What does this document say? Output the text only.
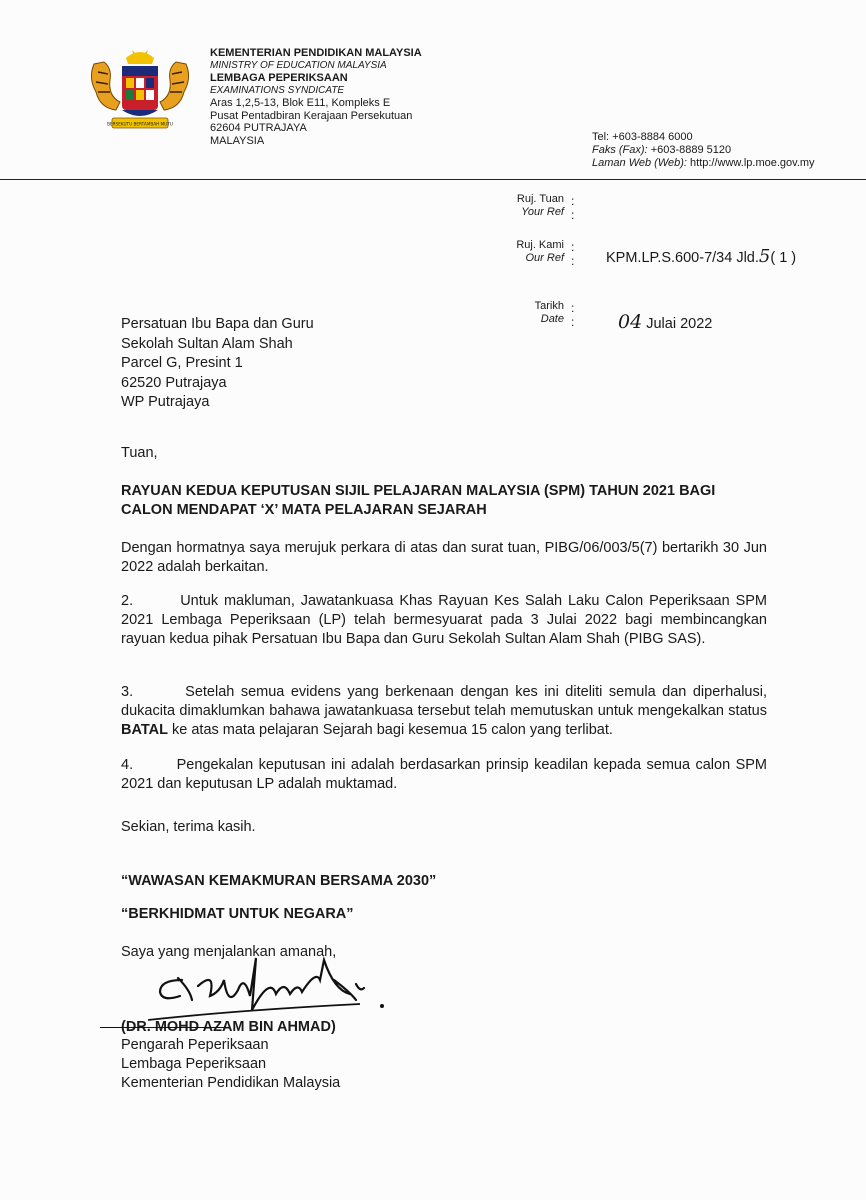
BERSEKUTU BERTAMBAH MUTU
KEMENTERIAN PENDIDIKAN MALAYSIA
MINISTRY OF EDUCATION MALAYSIA
LEMBAGA PEPERIKSAAN
EXAMINATIONS SYNDICATE
Aras 1,2,5-13, Blok E11, Kompleks E
Pusat Pentadbiran Kerajaan Persekutuan
62604 PUTRAJAYA
MALAYSIA	Tel: +603-8884 6000
Faks (Fax): +603-8889 5120
Laman Web (Web): http://www.lp.moe.gov.my
Ruj. Tuan
Your Ref
:
:
Ruj. Kami
Our Ref
:
: KPM.LP.S.600-7/34 Jld.5( 1 )
Tarikh
Date
:
: 04 Julai 2022
Persatuan Ibu Bapa dan Guru
Sekolah Sultan Alam Shah
Parcel G, Presint 1
62520 Putrajaya
WP Putrajaya
Tuan,
RAYUAN KEDUA KEPUTUSAN SIJIL PELAJARAN MALAYSIA (SPM) TAHUN 2021 BAGI
CALON MENDAPAT ‘X’ MATA PELAJARAN SEJARAH
Dengan hormatnya saya merujuk perkara di atas dan surat tuan, PIBG/06/003/5(7) bertarikh 30 Jun 2022 adalah berkaitan.
2.	Untuk makluman, Jawatankuasa Khas Rayuan Kes Salah Laku Calon Peperiksaan SPM 2021 Lembaga Peperiksaan (LP) telah bermesyuarat pada 3 Julai 2022 bagi membincangkan rayuan kedua pihak Persatuan Ibu Bapa dan Guru Sekolah Sultan Alam Shah (PIBG SAS).
3.	Setelah semua evidens yang berkenaan dengan kes ini diteliti semula dan diperhalusi, dukacita dimaklumkan bahawa jawatankuasa tersebut telah memutuskan untuk mengekalkan status BATAL ke atas mata pelajaran Sejarah bagi kesemua 15 calon yang terlibat.
4.	Pengekalan keputusan ini adalah berdasarkan prinsip keadilan kepada semua calon SPM 2021 dan keputusan LP adalah muktamad.
Sekian, terima kasih.
“WAWASAN KEMAKMURAN BERSAMA 2030”
“BERKHIDMAT UNTUK NEGARA”
Saya yang menjalankan amanah,
(DR. MOHD AZAM BIN AHMAD)
Pengarah Peperiksaan
Lembaga Peperiksaan
Kementerian Pendidikan Malaysia
